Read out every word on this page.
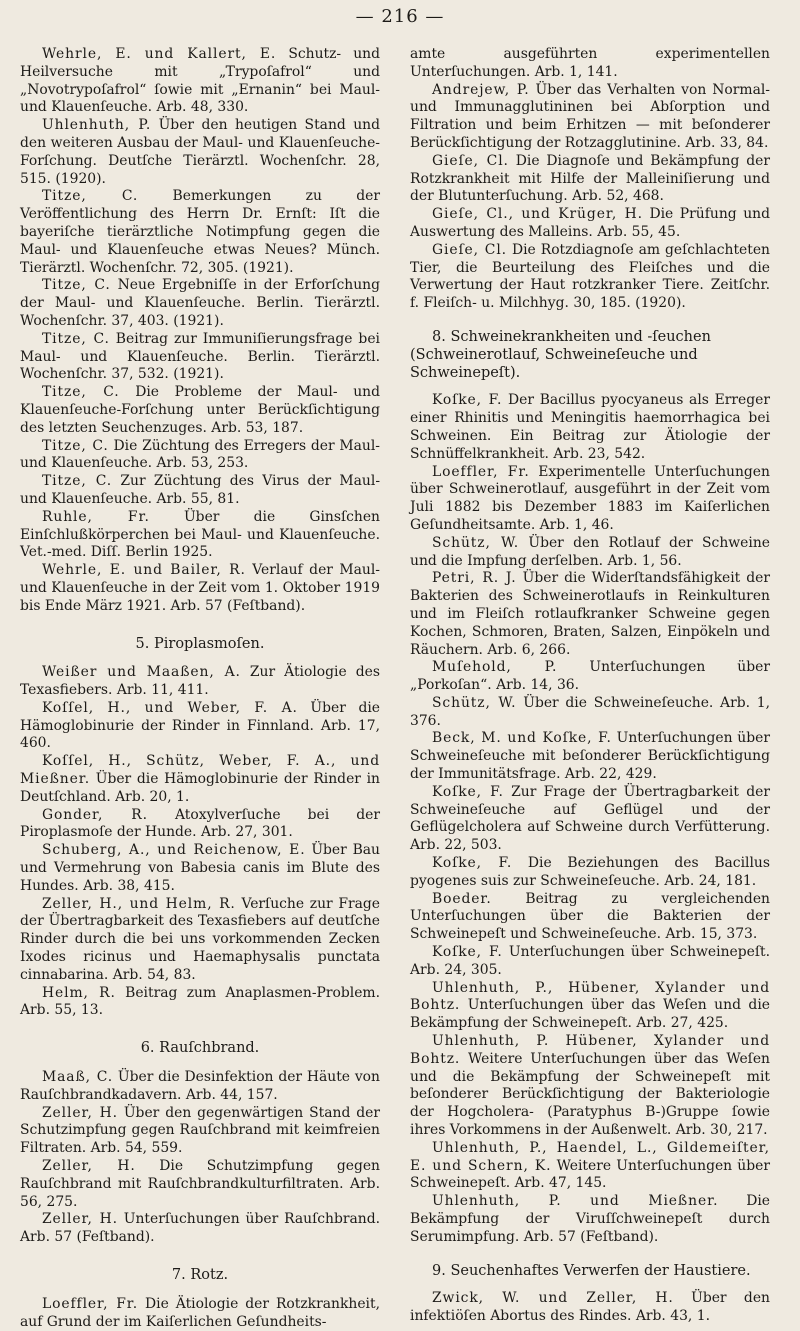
— 216 —

Wehrle, E. und Kallert, E. Schutz- und Heilversuche mit „Trypoſafrol“ und „Novotrypoſafrol“ ſowie mit „Ernanin“ bei Maul- und Klauenſeuche. Arb. 48, 330.

Uhlenhuth, P. Über den heutigen Stand und den weiteren Ausbau der Maul- und Klauenſeuche-Forſchung. Deutſche Tierärztl. Wochenſchr. 28, 515. (1920).

Titze, C. Bemerkungen zu der Veröffentlichung des Herrn Dr. Ernſt: Iſt die bayeriſche tierärztliche Notimpfung gegen die Maul- und Klauenſeuche etwas Neues? Münch. Tierärztl. Wochenſchr. 72, 305. (1921).

Titze, C. Neue Ergebniſſe in der Erforſchung der Maul- und Klauenſeuche. Berlin. Tierärztl. Wochenſchr. 37, 403. (1921).

Titze, C. Beitrag zur Immuniſierungsfrage bei Maul- und Klauenſeuche. Berlin. Tierärztl. Wochenſchr. 37, 532. (1921).

Titze, C. Die Probleme der Maul- und Klauenſeuche-Forſchung unter Berückſichtigung des letzten Seuchenzuges. Arb. 53, 187.

Titze, C. Die Züchtung des Erregers der Maul- und Klauenſeuche. Arb. 53, 253.

Titze, C. Zur Züchtung des Virus der Maul- und Klauenſeuche. Arb. 55, 81.

Ruhle, Fr. Über die Ginsſchen Einſchlußkörperchen bei Maul- und Klauenſeuche. Vet.-med. Diſſ. Berlin 1925.

Wehrle, E. und Bailer, R. Verlauf der Maul- und Klauenſeuche in der Zeit vom 1. Oktober 1919 bis Ende März 1921. Arb. 57 (Feſtband).

5. Piroplasmoſen.

Weißer und Maaßen, A. Zur Ätiologie des Texasfiebers. Arb. 11, 411.

Koſſel, H., und Weber, F. A. Über die Hämoglobinurie der Rinder in Finnland. Arb. 17, 460.

Koſſel, H., Schütz, Weber, F. A., und Mießner. Über die Hämoglobinurie der Rinder in Deutſchland. Arb. 20, 1.

Gonder, R. Atoxylverſuche bei der Piroplasmoſe der Hunde. Arb. 27, 301.

Schuberg, A., und Reichenow, E. Über Bau und Vermehrung von Babesia canis im Blute des Hundes. Arb. 38, 415.

Zeller, H., und Helm, R. Verſuche zur Frage der Übertragbarkeit des Texasfiebers auf deutſche Rinder durch die bei uns vorkommenden Zecken Ixodes ricinus und Haemaphysalis punctata cinnabarina. Arb. 54, 83.

Helm, R. Beitrag zum Anaplasmen-Problem. Arb. 55, 13.

6. Rauſchbrand.

Maaß, C. Über die Desinfektion der Häute von Rauſchbrandkadavern. Arb. 44, 157.

Zeller, H. Über den gegenwärtigen Stand der Schutzimpfung gegen Rauſchbrand mit keimfreien Filtraten. Arb. 54, 559.

Zeller, H. Die Schutzimpfung gegen Rauſchbrand mit Rauſchbrandkulturfiltraten. Arb. 56, 275.

Zeller, H. Unterſuchungen über Rauſchbrand. Arb. 57 (Feſtband).

7. Rotz.

Loeffler, Fr. Die Ätiologie der Rotzkrankheit, auf Grund der im Kaiſerlichen Geſundheits-

amte ausgeführten experimentellen Unterſuchungen. Arb. 1, 141.

Andrejew, P. Über das Verhalten von Normal- und Immunagglutininen bei Abſorption und Filtration und beim Erhitzen — mit beſonderer Berückſichtigung der Rotzagglutinine. Arb. 33, 84.

Gieſe, Cl. Die Diagnoſe und Bekämpfung der Rotzkrankheit mit Hilfe der Malleiniſierung und der Blutunterſuchung. Arb. 52, 468.

Gieſe, Cl., und Krüger, H. Die Prüfung und Auswertung des Malleins. Arb. 55, 45.

Gieſe, Cl. Die Rotzdiagnoſe am geſchlachteten Tier, die Beurteilung des Fleiſches und die Verwertung der Haut rotzkranker Tiere. Zeitſchr. f. Fleiſch- u. Milchhyg. 30, 185. (1920).

8. Schweinekrankheiten und -ſeuchen (Schweinerotlauf, Schweineſeuche und Schweinepeſt).

Koſke, F. Der Bacillus pyocyaneus als Erreger einer Rhinitis und Meningitis haemorrhagica bei Schweinen. Ein Beitrag zur Ätiologie der Schnüffelkrankheit. Arb. 23, 542.

Loeffler, Fr. Experimentelle Unterſuchungen über Schweinerotlauf, ausgeführt in der Zeit vom Juli 1882 bis Dezember 1883 im Kaiſerlichen Geſundheitsamte. Arb. 1, 46.

Schütz, W. Über den Rotlauf der Schweine und die Impfung derſelben. Arb. 1, 56.

Petri, R. J. Über die Widerſtandsfähigkeit der Bakterien des Schweinerotlaufs in Reinkulturen und im Fleiſch rotlaufkranker Schweine gegen Kochen, Schmoren, Braten, Salzen, Einpökeln und Räuchern. Arb. 6, 266.

Muſehold, P. Unterſuchungen über „Porkoſan“. Arb. 14, 36.

Schütz, W. Über die Schweineſeuche. Arb. 1, 376.

Beck, M. und Koſke, F. Unterſuchungen über Schweineſeuche mit beſonderer Berückſichtigung der Immunitätsfrage. Arb. 22, 429.

Koſke, F. Zur Frage der Übertragbarkeit der Schweineſeuche auf Geflügel und der Geflügelcholera auf Schweine durch Verfütterung. Arb. 22, 503.

Koſke, F. Die Beziehungen des Bacillus pyogenes suis zur Schweineſeuche. Arb. 24, 181.

Boeder. Beitrag zu vergleichenden Unterſuchungen über die Bakterien der Schweinepeſt und Schweineſeuche. Arb. 15, 373.

Koſke, F. Unterſuchungen über Schweinepeſt. Arb. 24, 305.

Uhlenhuth, P., Hübener, Xylander und Bohtz. Unterſuchungen über das Weſen und die Bekämpfung der Schweinepeſt. Arb. 27, 425.

Uhlenhuth, P. Hübener, Xylander und Bohtz. Weitere Unterſuchungen über das Weſen und die Bekämpfung der Schweinepeſt mit beſonderer Berückſichtigung der Bakteriologie der Hogcholera- (Paratyphus B-)Gruppe ſowie ihres Vorkommens in der Außenwelt. Arb. 30, 217.

Uhlenhuth, P., Haendel, L., Gildemeiſter, E. und Schern, K. Weitere Unterſuchungen über Schweinepeſt. Arb. 47, 145.

Uhlenhuth, P. und Mießner. Die Bekämpfung der Viruſſchweinepeſt durch Serumimpfung. Arb. 57 (Feſtband).

9. Seuchenhaftes Verwerfen der Haustiere.

Zwick, W. und Zeller, H. Über den infektiöſen Abortus des Rindes. Arb. 43, 1.
